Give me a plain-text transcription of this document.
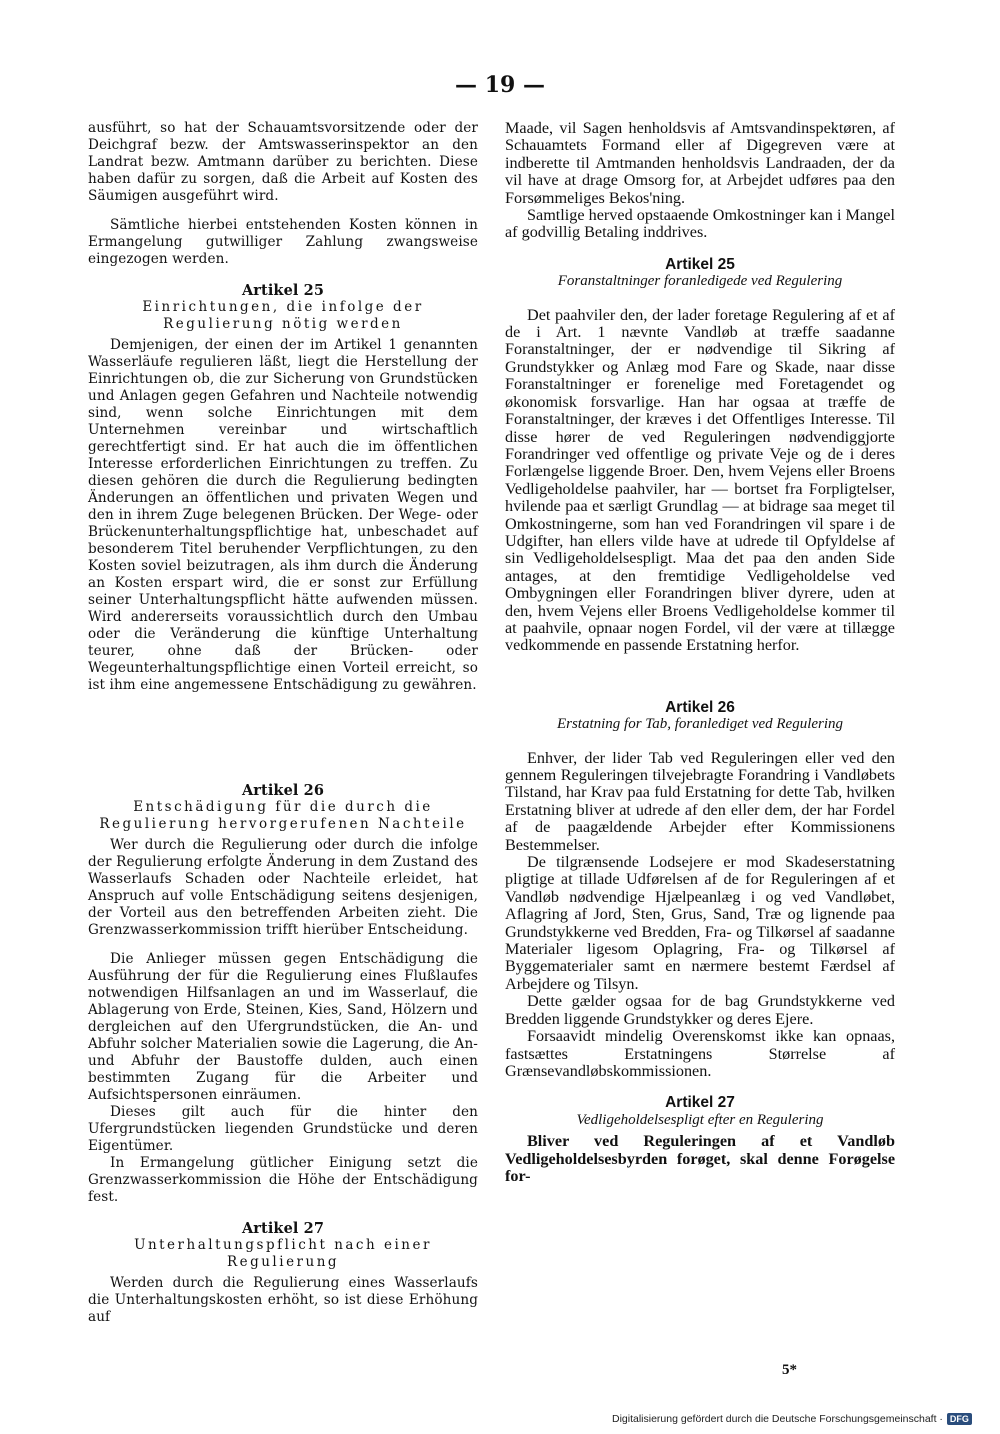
— 19 —

ausführt, so hat der Schauamtsvorsitzende oder der Deichgraf bezw. der Amtswasserinspektor an den Landrat bezw. Amtmann darüber zu berichten. Diese haben dafür zu sorgen, daß die Arbeit auf Kosten des Säumigen ausgeführt wird.

Sämtliche hierbei entstehenden Kosten können in Ermangelung gutwilliger Zahlung zwangsweise eingezogen werden.

Artikel 25
Einrichtungen, die infolge der Regulierung nötig werden

Demjenigen, der einen der im Artikel 1 genannten Wasserläufe regulieren läßt, liegt die Herstellung der Einrichtungen ob, die zur Sicherung von Grundstücken und Anlagen gegen Gefahren und Nachteile notwendig sind, wenn solche Einrichtungen mit dem Unternehmen vereinbar und wirtschaftlich gerechtfertigt sind. Er hat auch die im öffentlichen Interesse erforderlichen Einrichtungen zu treffen. Zu diesen gehören die durch die Regulierung bedingten Änderungen an öffentlichen und privaten Wegen und den in ihrem Zuge belegenen Brücken. Der Wege- oder Brückenunterhaltungspflichtige hat, unbeschadet auf besonderem Titel beruhender Verpflichtungen, zu den Kosten soviel beizutragen, als ihm durch die Änderung an Kosten erspart wird, die er sonst zur Erfüllung seiner Unterhaltungspflicht hätte aufwenden müssen. Wird andererseits voraussichtlich durch den Umbau oder die Veränderung die künftige Unterhaltung teurer, ohne daß der Brücken- oder Wegeunterhaltungspflichtige einen Vorteil erreicht, so ist ihm eine angemessene Entschädigung zu gewähren.

Artikel 26
Entschädigung für die durch die Regulierung hervorgerufenen Nachteile

Wer durch die Regulierung oder durch die infolge der Regulierung erfolgte Änderung in dem Zustand des Wasserlaufs Schaden oder Nachteile erleidet, hat Anspruch auf volle Entschädigung seitens desjenigen, der Vorteil aus den betreffenden Arbeiten zieht. Die Grenzwasserkommission trifft hierüber Entscheidung.

Die Anlieger müssen gegen Entschädigung die Ausführung der für die Regulierung eines Flußlaufes notwendigen Hilfsanlagen an und im Wasserlauf, die Ablagerung von Erde, Steinen, Kies, Sand, Hölzern und dergleichen auf den Ufergrundstücken, die An- und Abfuhr solcher Materialien sowie die Lagerung, die An- und Abfuhr der Baustoffe dulden, auch einen bestimmten Zugang für die Arbeiter und Aufsichtspersonen einräumen.

Dieses gilt auch für die hinter den Ufergrundstücken liegenden Grundstücke und deren Eigentümer.

In Ermangelung gütlicher Einigung setzt die Grenzwasserkommission die Höhe der Entschädigung fest.

Artikel 27
Unterhaltungspflicht nach einer Regulierung

Werden durch die Regulierung eines Wasserlaufs die Unterhaltungskosten erhöht, so ist diese Erhöhung auf

Maade, vil Sagen henholdsvis af Amtsvandinspektøren, af Schauamtets Formand eller af Digegreven være at indberette til Amtmanden henholdsvis Landraaden, der da vil have at drage Omsorg for, at Arbejdet udføres paa den Forsømmeliges Bekos'ning.

Samtlige herved opstaaende Omkostninger kan i Mangel af godvillig Betaling inddrives.

Artikel 25
Foranstaltninger foranledigede ved Regulering

Det paahviler den, der lader foretage Regulering af et af de i Art. 1 nævnte Vandløb at træffe saadanne Foranstaltninger, der er nødvendige til Sikring af Grundstykker og Anlæg mod Fare og Skade, naar disse Foranstaltninger er forenelige med Foretagendet og økonomisk forsvarlige. Han har ogsaa at træffe de Foranstaltninger, der kræves i det Offentliges Interesse. Til disse hører de ved Reguleringen nødvendiggjorte Forandringer ved offentlige og private Veje og de i deres Forlængelse liggende Broer. Den, hvem Vejens eller Broens Vedligeholdelse paahviler, har — bortset fra Forpligtelser, hvilende paa et særligt Grundlag — at bidrage saa meget til Omkostningerne, som han ved Forandringen vil spare i de Udgifter, han ellers vilde have at udrede til Opfyldelse af sin Vedligeholdelsespligt. Maa det paa den anden Side antages, at den fremtidige Vedligeholdelse ved Ombygningen eller Forandringen bliver dyrere, uden at den, hvem Vejens eller Broens Vedligeholdelse kommer til at paahvile, opnaar nogen Fordel, vil der være at tillægge vedkommende en passende Erstatning herfor.

Artikel 26
Erstatning for Tab, foranlediget ved Regulering

Enhver, der lider Tab ved Reguleringen eller ved den gennem Reguleringen tilvejebragte Forandring i Vandløbets Tilstand, har Krav paa fuld Erstatning for dette Tab, hvilken Erstatning bliver at udrede af den eller dem, der har Fordel af de paagældende Arbejder efter Kommissionens Bestemmelser.

De tilgrænsende Lodsejere er mod Skadeserstatning pligtige at tillade Udførelsen af de for Reguleringen af et Vandløb nødvendige Hjælpeanlæg i og ved Vandløbet, Aflagring af Jord, Sten, Grus, Sand, Træ og lignende paa Grundstykkerne ved Bredden, Fra- og Tilkørsel af saadanne Materialer ligesom Oplagring, Fra- og Tilkørsel af Byggematerialer samt en nærmere bestemt Færdsel af Arbejdere og Tilsyn.

Dette gælder ogsaa for de bag Grundstykkerne ved Bredden liggende Grundstykker og deres Ejere.

Forsaavidt mindelig Overenskomst ikke kan opnaas, fastsættes Erstatningens Størrelse af Grænsevandløbskommissionen.

Artikel 27
Vedligeholdelsespligt efter en Regulering

Bliver ved Reguleringen af et Vandløb Vedligeholdelsesbyrden forøget, skal denne Forøgelse for-

5*
Digitalisierung gefördert durch die Deutsche Forschungsgemeinschaft · DFG
